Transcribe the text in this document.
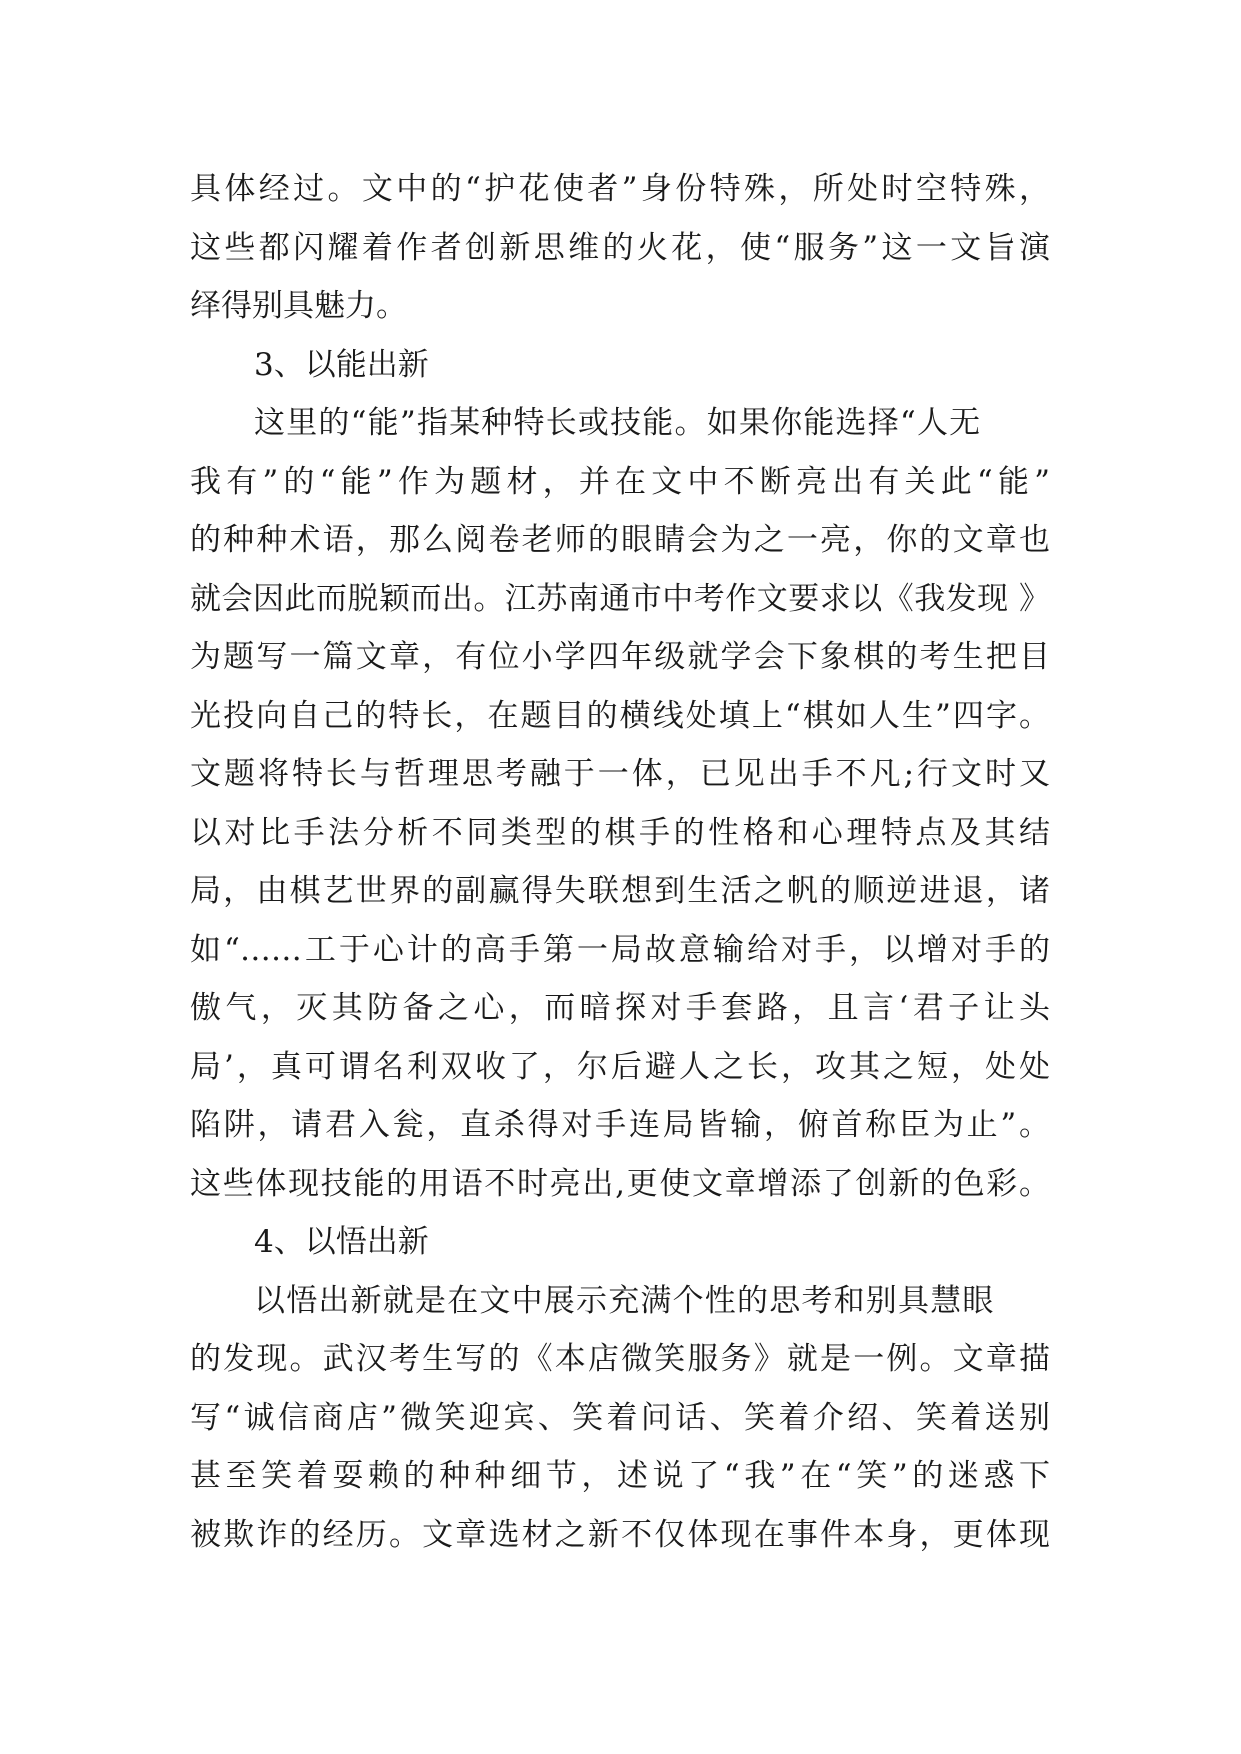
具体经过。文中的“护花使者”身份特殊，所处时空特殊，
这些都闪耀着作者创新思维的火花，使“服务”这一文旨演
绎得别具魅力。
3、以能出新
这里的“能”指某种特长或技能。如果你能选择“人无
我有”的“能”作为题材，并在文中不断亮出有关此“能”
的种种术语，那么阅卷老师的眼睛会为之一亮，你的文章也
就会因此而脱颖而出。江苏南通市中考作文要求以《我发现 》
为题写一篇文章，有位小学四年级就学会下象棋的考生把目
光投向自己的特长，在题目的横线处填上“棋如人生”四字。
文题将特长与哲理思考融于一体，已见出手不凡;行文时又
以对比手法分析不同类型的棋手的性格和心理特点及其结
局，由棋艺世界的副赢得失联想到生活之帆的顺逆进退，诸
如“……工于心计的高手第一局故意输给对手，以增对手的
傲气，灭其防备之心，而暗探对手套路，且言‘君子让头
局’，真可谓名利双收了，尔后避人之长，攻其之短，处处
陷阱，请君入瓮，直杀得对手连局皆输，俯首称臣为止”。
这些体现技能的用语不时亮出,更使文章增添了创新的色彩。
4、以悟出新
以悟出新就是在文中展示充满个性的思考和别具慧眼
的发现。武汉考生写的《本店微笑服务》就是一例。文章描
写“诚信商店”微笑迎宾、笑着问话、笑着介绍、笑着送别
甚至笑着耍赖的种种细节，述说了“我”在“笑”的迷惑下
被欺诈的经历。文章选材之新不仅体现在事件本身，更体现
